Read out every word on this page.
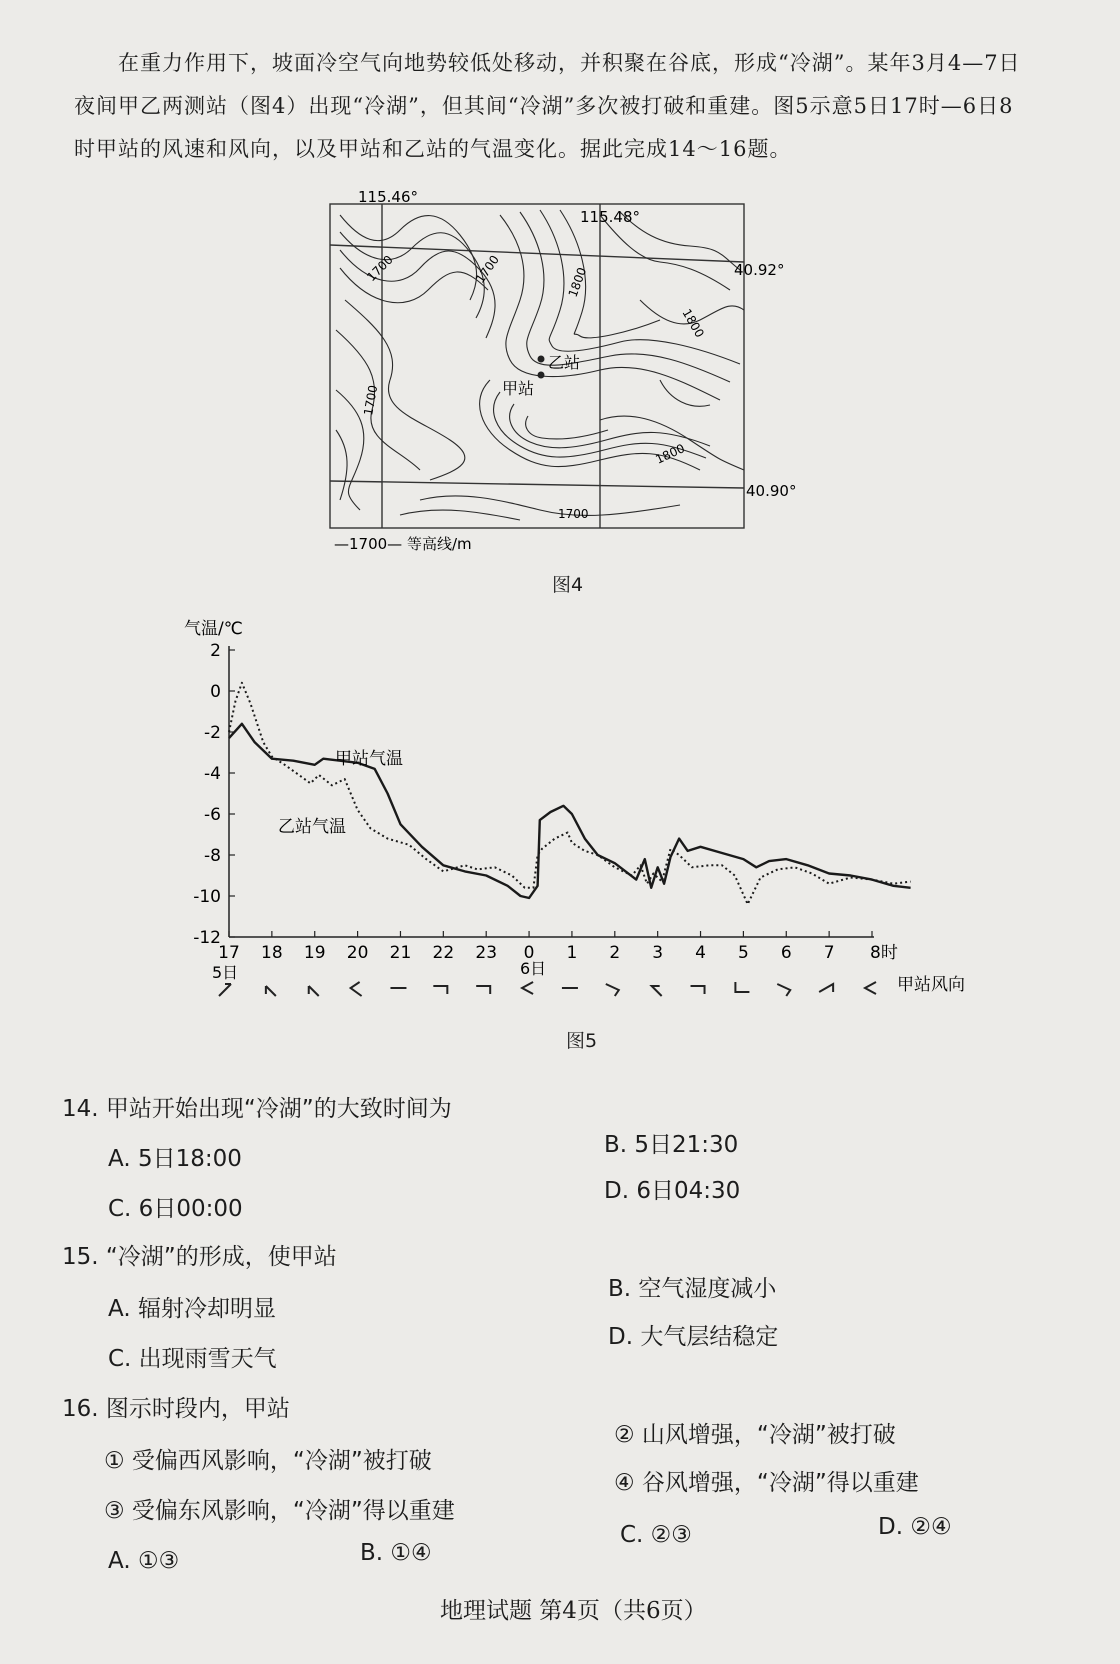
在重力作用下，坡面冷空气向地势较低处移动，并积聚在谷底，形成“冷湖”。某年3月4—7日夜间甲乙两测站（图4）出现“冷湖”，但其间“冷湖”多次被打破和重建。图5示意5日17时—6日8时甲站的风速和风向，以及甲站和乙站的气温变化。据此完成14～16题。

115.46°
115.48°
40.92°
40.90°
1700	1700	1800
1800
1700
1800
1700
乙站
甲站
—1700— 等高线/m
图4
2
0
-2
-4
-6
-8
-10
-12
17 18 19 20 21 22 23 0 1 2 3 4 5 6 7 8时
气温/℃
甲站气温
乙站气温
5日	6日
甲站风向
图5
14. 甲站开始出现“冷湖”的大致时间为
A. 5日18:00
B. 5日21:30
C. 6日00:00
D. 6日04:30
15. “冷湖”的形成，使甲站
A. 辐射冷却明显
B. 空气湿度减小
C. 出现雨雪天气
D. 大气层结稳定
16. 图示时段内，甲站
① 受偏西风影响，“冷湖”被打破
② 山风增强，“冷湖”被打破
③ 受偏东风影响，“冷湖”得以重建
④ 谷风增强，“冷湖”得以重建
A. ①③	B. ①④
C. ②③	D. ②④
地理试题 第4页（共6页）
